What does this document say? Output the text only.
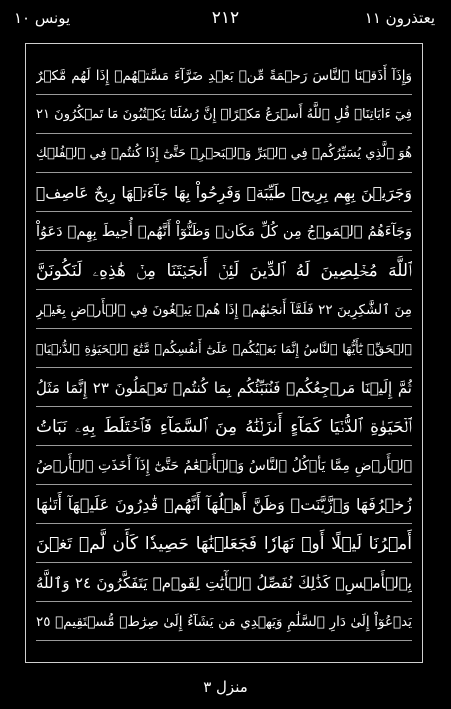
يعتذرون ١١
٢١٢
يونس ١٠
وَإِذَآ أَذَقۡنَا ٱلنَّاسَ رَحۡمَةً مِّنۢ بَعۡدِ ضَرَّآءَ مَسَّتۡهُمۡ إِذَا لَهُم مَّكۡرٌ
فِيٓ ءَايَاتِنَاۚ قُلِ ٱللَّهُ أَسۡرَعُ مَكۡرًاۚ إِنَّ رُسُلَنَا يَكۡتُبُونَ مَا تَمۡكُرُونَ ٢١
هُوَ ٱلَّذِي يُسَيِّرُكُمۡ فِي ٱلۡبَرِّ وَٱلۡبَحۡرِۖ حَتَّىٰٓ إِذَا كُنتُمۡ فِي ٱلۡفُلۡكِ
وَجَرَيۡنَ بِهِم بِرِيحٖ طَيِّبَةٖ وَفَرِحُواْ بِهَا جَآءَتۡهَا رِيحٌ عَاصِفٞ
وَجَآءَهُمُ ٱلۡمَوۡجُ مِن كُلِّ مَكَانٖ وَظَنُّوٓاْ أَنَّهُمۡ أُحِيطَ بِهِمۡ دَعَوُاْ
ٱللَّهَ مُخۡلِصِينَ لَهُ ٱلدِّينَ لَئِنۡ أَنجَيۡتَنَا مِنۡ هَٰذِهِۦ لَنَكُونَنَّ
مِنَ ٱلشَّٰكِرِينَ ٢٢ فَلَمَّآ أَنجَىٰهُمۡ إِذَا هُمۡ يَبۡغُونَ فِي ٱلۡأَرۡضِ بِغَيۡرِ
ٱلۡحَقِّۗ يَٰٓأَيُّهَا ٱلنَّاسُ إِنَّمَا بَغۡيُكُمۡ عَلَىٰٓ أَنفُسِكُمۖ مَّتَٰعَ ٱلۡحَيَوٰةِ ٱلدُّنۡيَاۖ
ثُمَّ إِلَيۡنَا مَرۡجِعُكُمۡ فَنُنَبِّئُكُم بِمَا كُنتُمۡ تَعۡمَلُونَ ٢٣ إِنَّمَا مَثَلُ
ٱلۡحَيَوٰةِ ٱلدُّنۡيَا كَمَآءٍ أَنزَلۡنَٰهُ مِنَ ٱلسَّمَآءِ فَٱخۡتَلَطَ بِهِۦ نَبَاتُ
ٱلۡأَرۡضِ مِمَّا يَأۡكُلُ ٱلنَّاسُ وَٱلۡأَنۡعَٰمُ حَتَّىٰٓ إِذَآ أَخَذَتِ ٱلۡأَرۡضُ
زُخۡرُفَهَا وَٱزَّيَّنَتۡ وَظَنَّ أَهۡلُهَآ أَنَّهُمۡ قَٰدِرُونَ عَلَيۡهَآ أَتَىٰهَا
أَمۡرُنَا لَيۡلًا أَوۡ نَهَارٗا فَجَعَلۡنَٰهَا حَصِيدٗا كَأَن لَّمۡ تَغۡنَ
بِٱلۡأَمۡسِۚ كَذَٰلِكَ نُفَصِّلُ ٱلۡأٓيَٰتِ لِقَوۡمٖ يَتَفَكَّرُونَ ٢٤ وَٱللَّهُ
يَدۡعُوٓاْ إِلَىٰ دَارِ ٱلسَّلَٰمِ وَيَهۡدِي مَن يَشَآءُ إِلَىٰ صِرَٰطٖ مُّسۡتَقِيمٖ ٢٥
منزل ٣
